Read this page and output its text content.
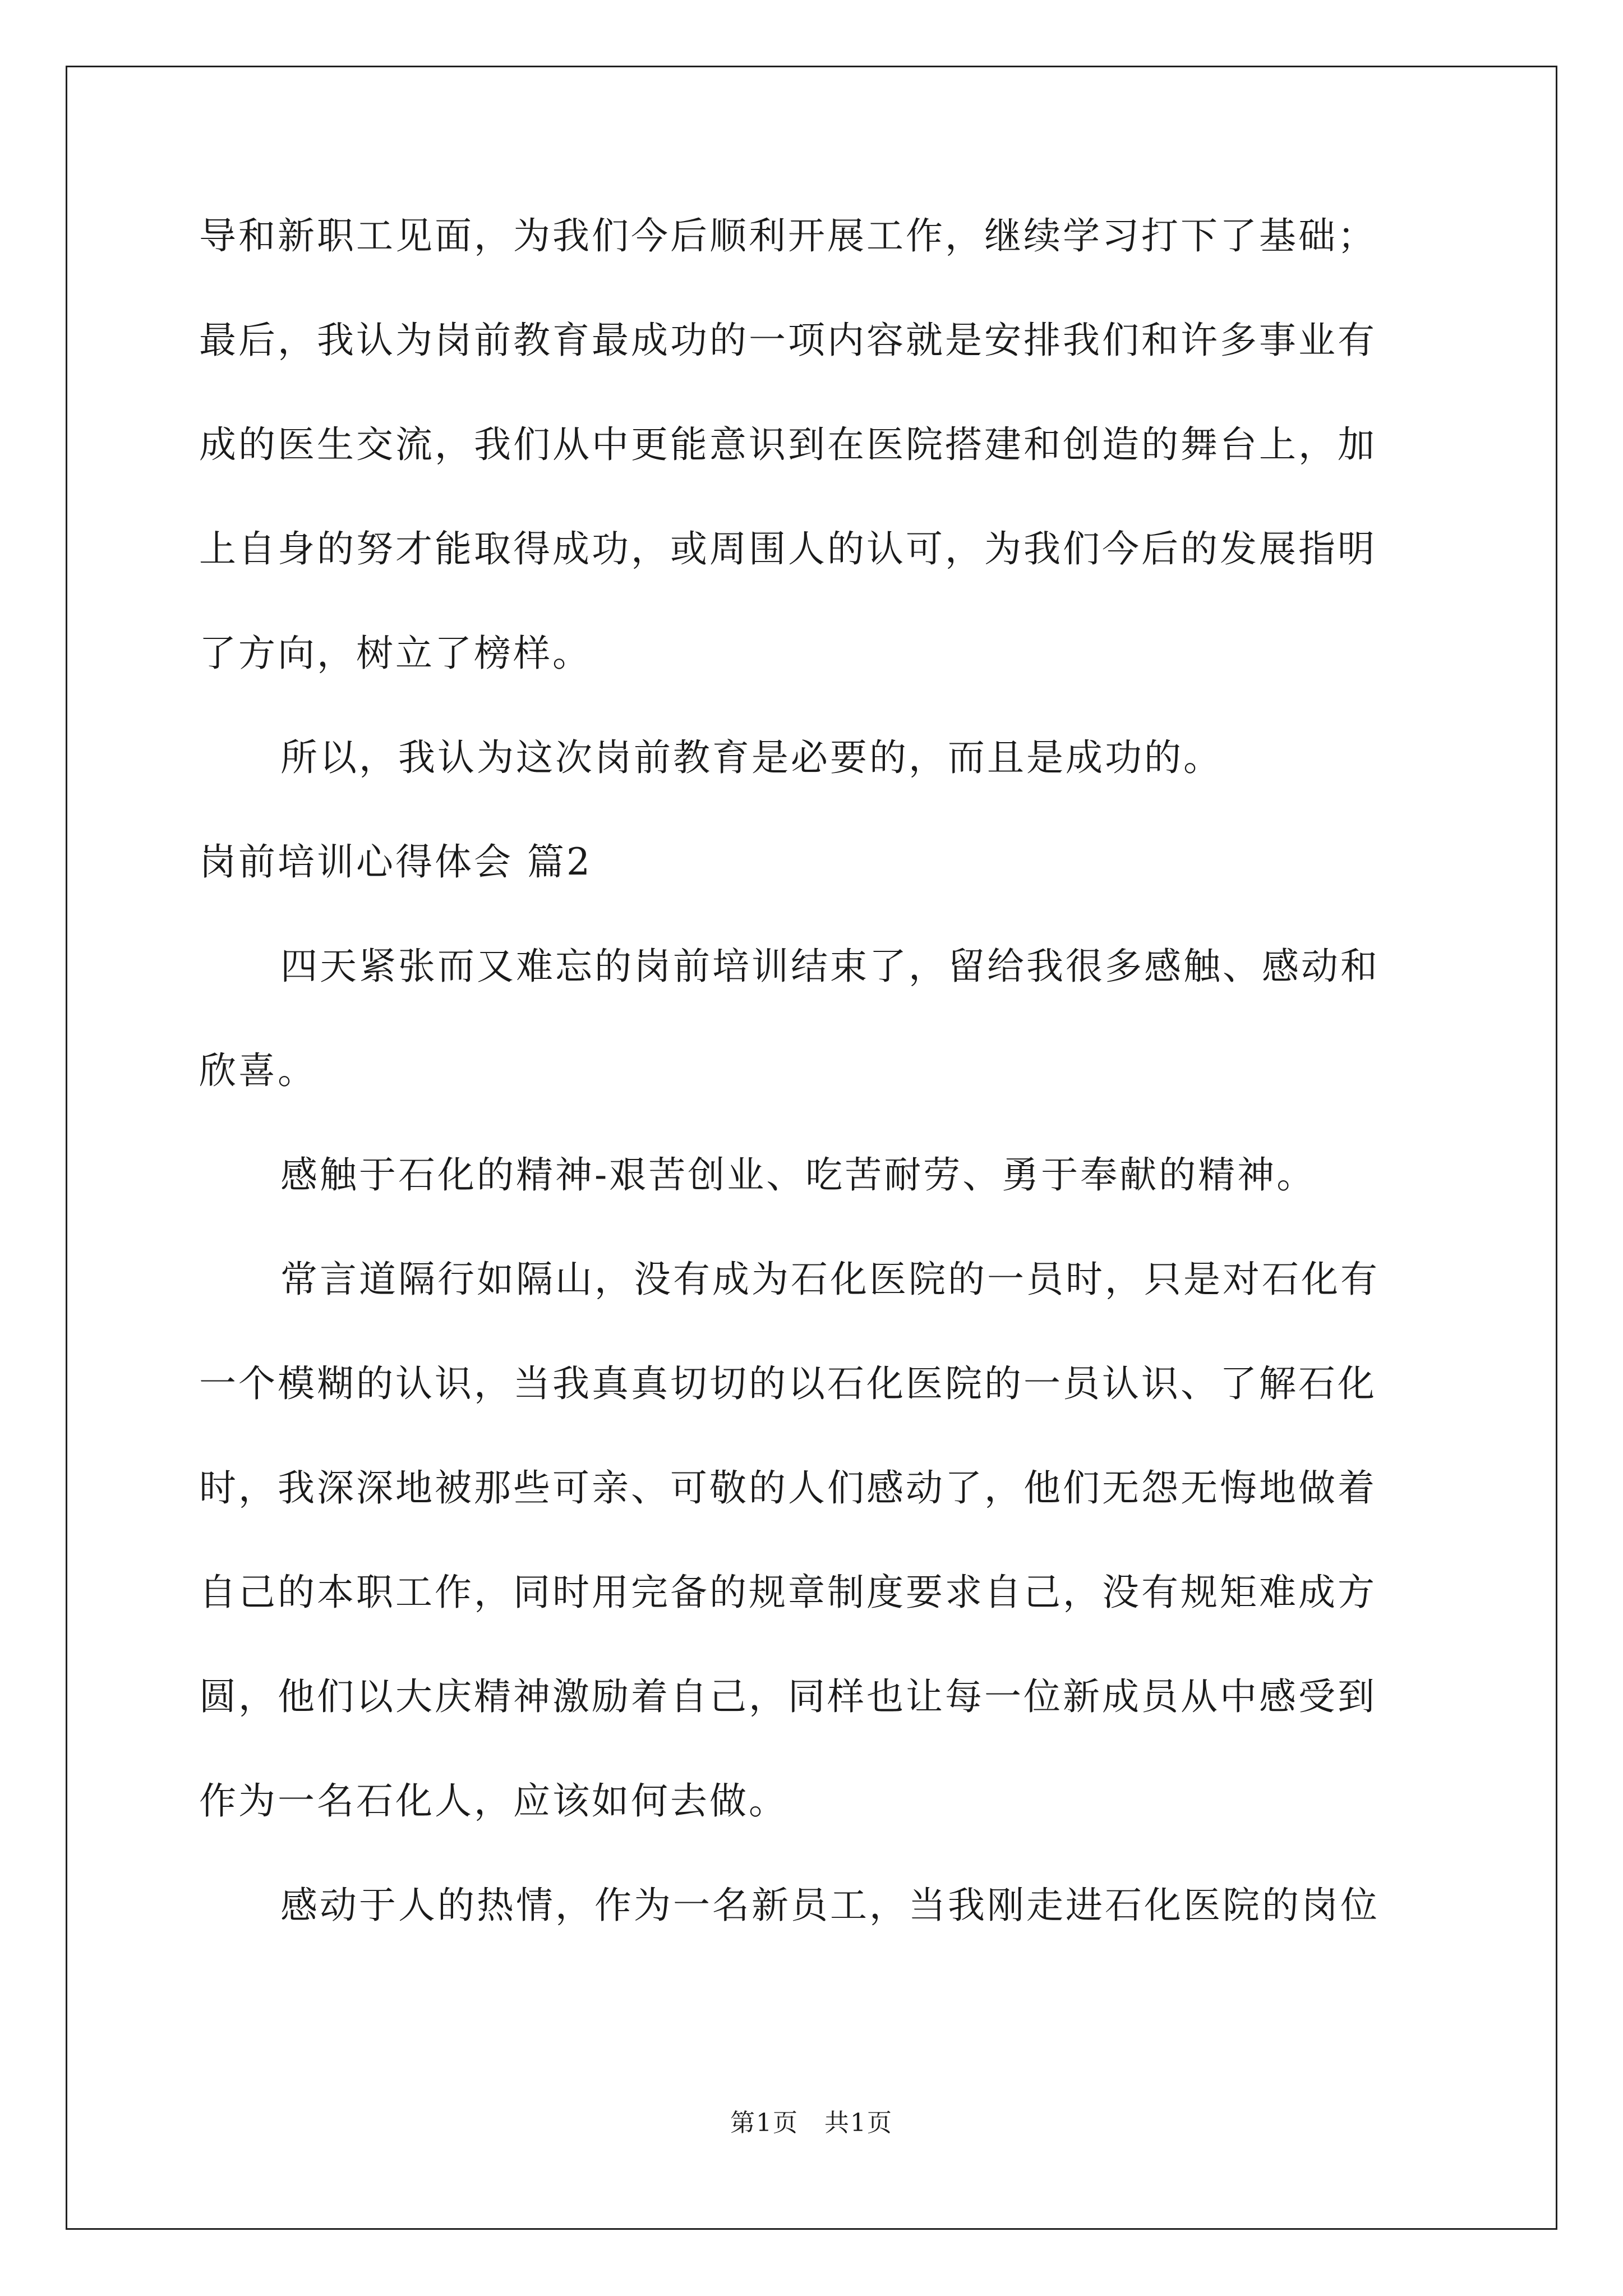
导和新职工见面，为我们今后顺利开展工作，继续学习打下了基础；
最后，我认为岗前教育最成功的一项内容就是安排我们和许多事业有
成的医生交流，我们从中更能意识到在医院搭建和创造的舞台上，加
上自身的努才能取得成功，或周围人的认可，为我们今后的发展指明
了方向，树立了榜样。
所以，我认为这次岗前教育是必要的，而且是成功的。
岗前培训心得体会 篇2
四天紧张而又难忘的岗前培训结束了，留给我很多感触、感动和
欣喜。
感触于石化的精神-艰苦创业、吃苦耐劳、勇于奉献的精神。
常言道隔行如隔山，没有成为石化医院的一员时，只是对石化有
一个模糊的认识，当我真真切切的以石化医院的一员认识、了解石化
时，我深深地被那些可亲、可敬的人们感动了，他们无怨无悔地做着
自己的本职工作，同时用完备的规章制度要求自己，没有规矩难成方
圆，他们以大庆精神激励着自己，同样也让每一位新成员从中感受到
作为一名石化人，应该如何去做。
感动于人的热情，作为一名新员工，当我刚走进石化医院的岗位
第1页　共1页
